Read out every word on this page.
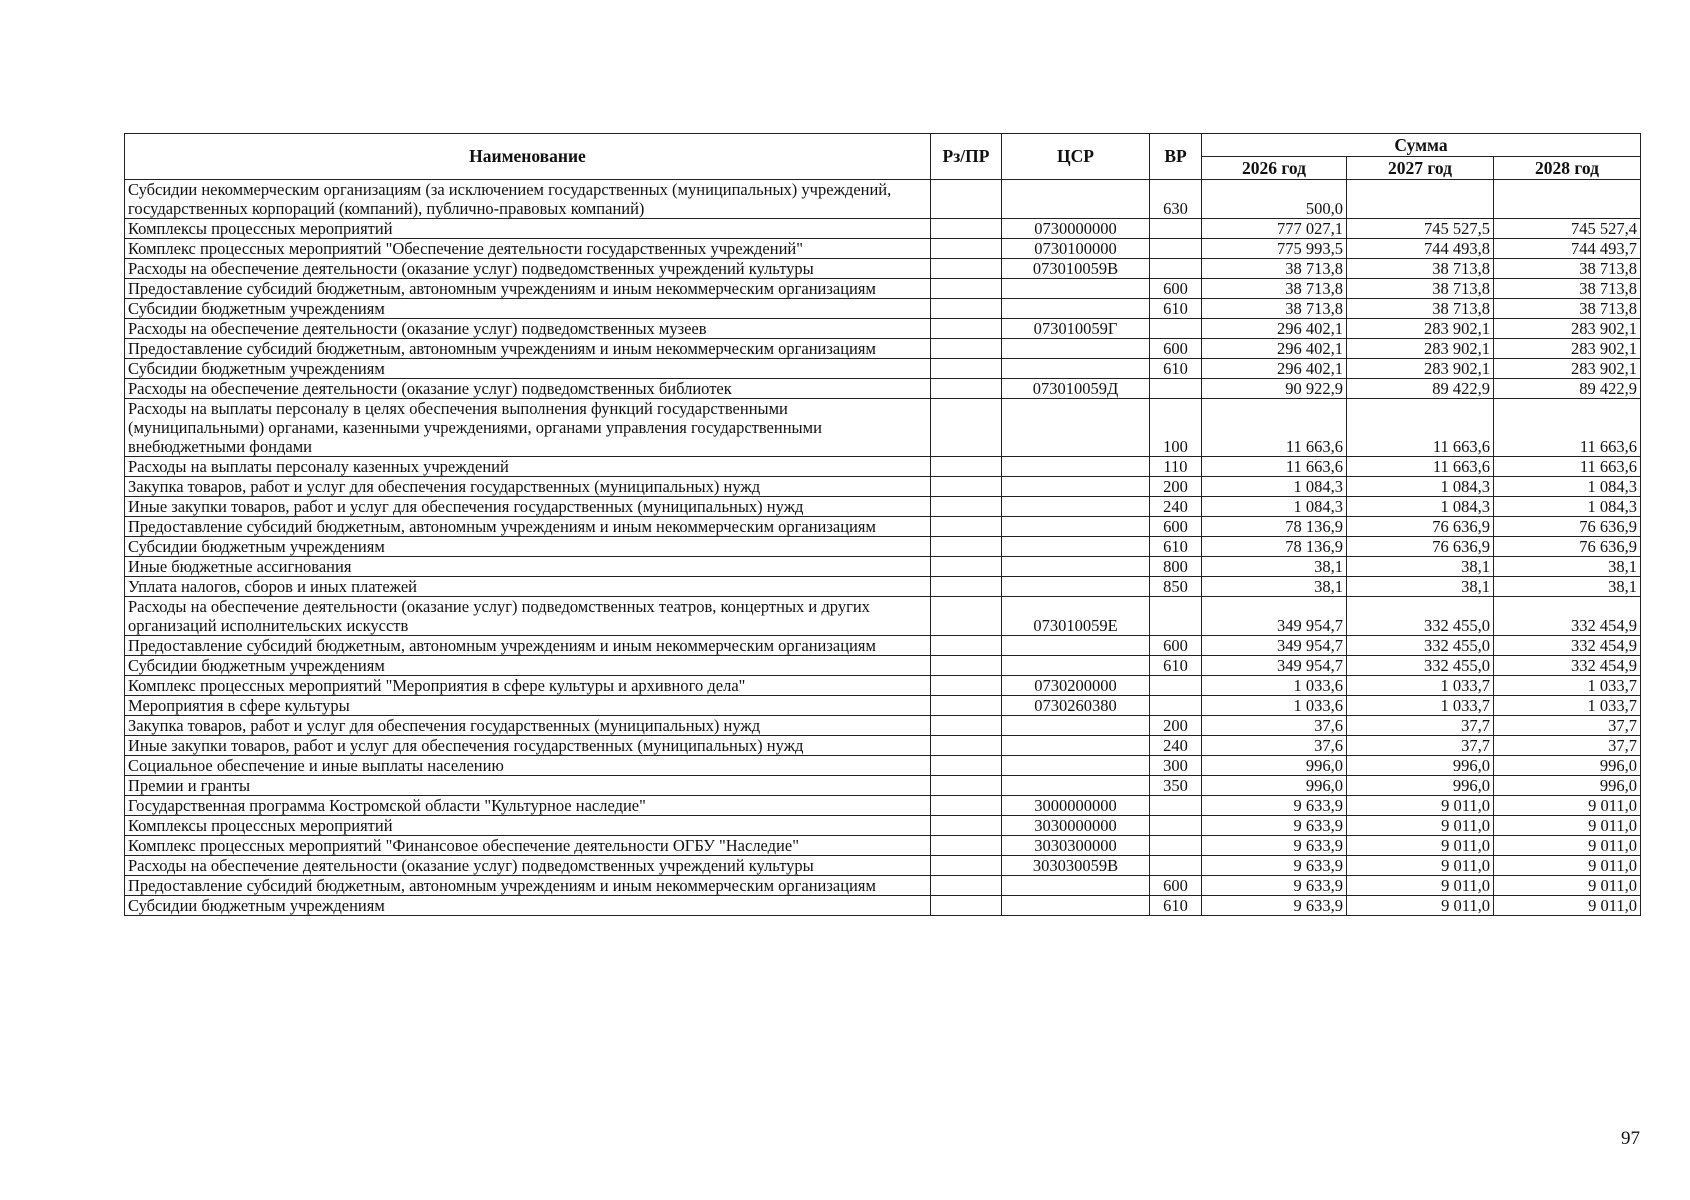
Наименование	Рз/ПР	ЦСР	ВР	Сумма		
				2026 год	2027 год	2028 год
Субсидии некоммерческим организациям (за исключением государственных (муниципальных) учреждений, государственных корпораций (компаний), публично-правовых компаний)			630	500,0		
Комплексы процессных мероприятий		0730000000		777 027,1	745 527,5	745 527,4
Комплекс процессных мероприятий "Обеспечение деятельности государственных учреждений"		0730100000		775 993,5	744 493,8	744 493,7
Расходы на обеспечение деятельности (оказание услуг) подведомственных учреждений культуры		073010059В		38 713,8	38 713,8	38 713,8
Предоставление субсидий бюджетным, автономным учреждениям и иным некоммерческим организациям			600	38 713,8	38 713,8	38 713,8
Субсидии бюджетным учреждениям			610	38 713,8	38 713,8	38 713,8
Расходы на обеспечение деятельности (оказание услуг) подведомственных музеев		073010059Г		296 402,1	283 902,1	283 902,1
Предоставление субсидий бюджетным, автономным учреждениям и иным некоммерческим организациям			600	296 402,1	283 902,1	283 902,1
Субсидии бюджетным учреждениям			610	296 402,1	283 902,1	283 902,1
Расходы на обеспечение деятельности (оказание услуг) подведомственных библиотек		073010059Д		90 922,9	89 422,9	89 422,9
Расходы на выплаты персоналу в целях обеспечения выполнения функций государственными (муниципальными) органами, казенными учреждениями, органами управления государственными внебюджетными фондами			100	11 663,6	11 663,6	11 663,6
Расходы на выплаты персоналу казенных учреждений			110	11 663,6	11 663,6	11 663,6
Закупка товаров, работ и услуг для обеспечения государственных (муниципальных) нужд			200	1 084,3	1 084,3	1 084,3
Иные закупки товаров, работ и услуг для обеспечения государственных (муниципальных) нужд			240	1 084,3	1 084,3	1 084,3
Предоставление субсидий бюджетным, автономным учреждениям и иным некоммерческим организациям			600	78 136,9	76 636,9	76 636,9
Субсидии бюджетным учреждениям			610	78 136,9	76 636,9	76 636,9
Иные бюджетные ассигнования			800	38,1	38,1	38,1
Уплата налогов, сборов и иных платежей			850	38,1	38,1	38,1
Расходы на обеспечение деятельности (оказание услуг) подведомственных театров, концертных и других организаций исполнительских искусств		073010059Е		349 954,7	332 455,0	332 454,9
Предоставление субсидий бюджетным, автономным учреждениям и иным некоммерческим организациям			600	349 954,7	332 455,0	332 454,9
Субсидии бюджетным учреждениям			610	349 954,7	332 455,0	332 454,9
Комплекс процессных мероприятий "Мероприятия в сфере культуры и архивного дела"		0730200000		1 033,6	1 033,7	1 033,7
Мероприятия в сфере культуры		0730260380		1 033,6	1 033,7	1 033,7
Закупка товаров, работ и услуг для обеспечения государственных (муниципальных) нужд			200	37,6	37,7	37,7
Иные закупки товаров, работ и услуг для обеспечения государственных (муниципальных) нужд			240	37,6	37,7	37,7
Социальное обеспечение и иные выплаты населению			300	996,0	996,0	996,0
Премии и гранты			350	996,0	996,0	996,0
Государственная программа Костромской области "Культурное наследие"		3000000000		9 633,9	9 011,0	9 011,0
Комплексы процессных мероприятий		3030000000		9 633,9	9 011,0	9 011,0
Комплекс процессных мероприятий "Финансовое обеспечение деятельности ОГБУ "Наследие"		3030300000		9 633,9	9 011,0	9 011,0
Расходы на обеспечение деятельности (оказание услуг) подведомственных учреждений культуры		303030059В		9 633,9	9 011,0	9 011,0
Предоставление субсидий бюджетным, автономным учреждениям и иным некоммерческим организациям			600	9 633,9	9 011,0	9 011,0
Субсидии бюджетным учреждениям			610	9 633,9	9 011,0	9 011,0
97
